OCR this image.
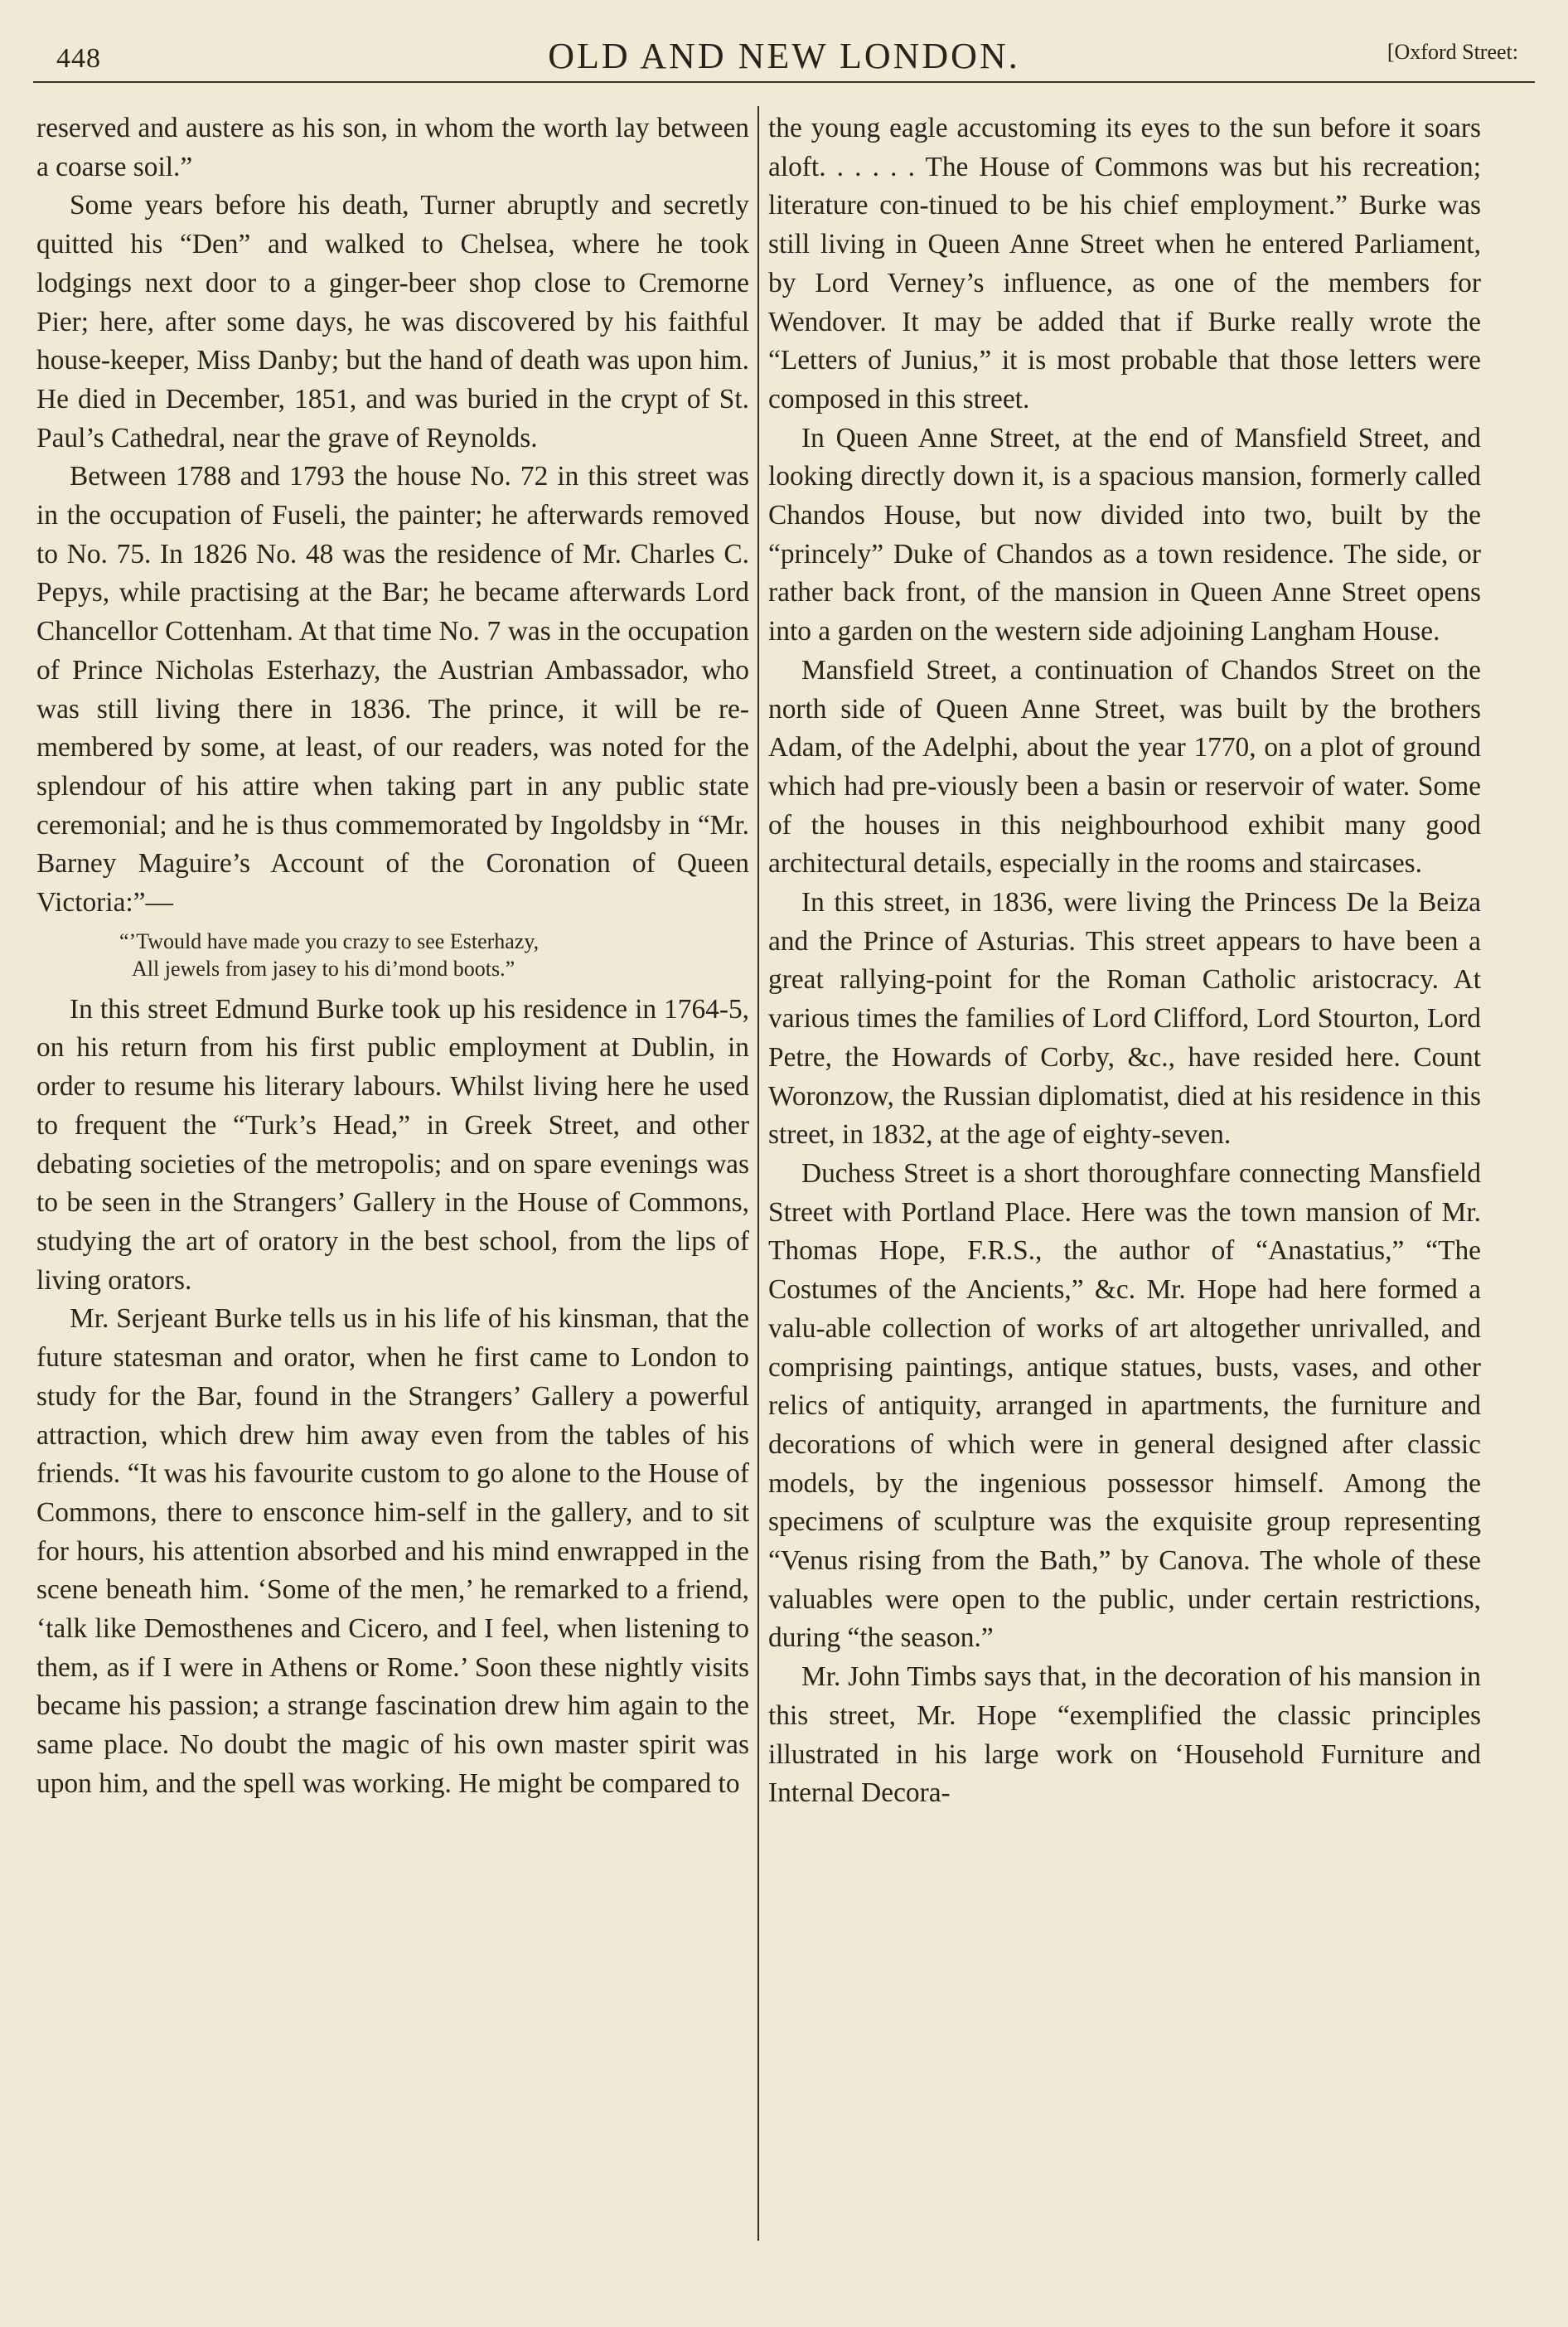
448	OLD AND NEW LONDON.	[Oxford Street:

reserved and austere as his son, in whom the worth lay between a coarse soil.”

Some years before his death, Turner abruptly and secretly quitted his “Den” and walked to Chelsea, where he took lodgings next door to a ginger-beer shop close to Cremorne Pier; here, after some days, he was discovered by his faithful house-keeper, Miss Danby; but the hand of death was upon him. He died in December, 1851, and was buried in the crypt of St. Paul’s Cathedral, near the grave of Reynolds.

Between 1788 and 1793 the house No. 72 in this street was in the occupation of Fuseli, the painter; he afterwards removed to No. 75. In 1826 No. 48 was the residence of Mr. Charles C. Pepys, while practising at the Bar; he became afterwards Lord Chancellor Cottenham. At that time No. 7 was in the occupation of Prince Nicholas Esterhazy, the Austrian Ambassador, who was still living there in 1836. The prince, it will be re-membered by some, at least, of our readers, was noted for the splendour of his attire when taking part in any public state ceremonial; and he is thus commemorated by Ingoldsby in “Mr. Barney Maguire’s Account of the Coronation of Queen Victoria:”—

“’Twould have made you crazy to see Esterhazy,
All jewels from jasey to his di’mond boots.”

In this street Edmund Burke took up his residence in 1764-5, on his return from his first public employment at Dublin, in order to resume his literary labours. Whilst living here he used to frequent the “Turk’s Head,” in Greek Street, and other debating societies of the metropolis; and on spare evenings was to be seen in the Strangers’ Gallery in the House of Commons, studying the art of oratory in the best school, from the lips of living orators.

Mr. Serjeant Burke tells us in his life of his kinsman, that the future statesman and orator, when he first came to London to study for the Bar, found in the Strangers’ Gallery a powerful attraction, which drew him away even from the tables of his friends. “It was his favourite custom to go alone to the House of Commons, there to ensconce him-self in the gallery, and to sit for hours, his attention absorbed and his mind enwrapped in the scene beneath him. ‘Some of the men,’ he remarked to a friend, ‘talk like Demosthenes and Cicero, and I feel, when listening to them, as if I were in Athens or Rome.’ Soon these nightly visits became his passion; a strange fascination drew him again to the same place. No doubt the magic of his own master spirit was upon him, and the spell was working. He might be compared to

the young eagle accustoming its eyes to the sun before it soars aloft. . . . . . The House of Commons was but his recreation; literature con-tinued to be his chief employment.” Burke was still living in Queen Anne Street when he entered Parliament, by Lord Verney’s influence, as one of the members for Wendover. It may be added that if Burke really wrote the “Letters of Junius,” it is most probable that those letters were composed in this street.

In Queen Anne Street, at the end of Mansfield Street, and looking directly down it, is a spacious mansion, formerly called Chandos House, but now divided into two, built by the “princely” Duke of Chandos as a town residence. The side, or rather back front, of the mansion in Queen Anne Street opens into a garden on the western side adjoining Langham House.

Mansfield Street, a continuation of Chandos Street on the north side of Queen Anne Street, was built by the brothers Adam, of the Adelphi, about the year 1770, on a plot of ground which had pre-viously been a basin or reservoir of water. Some of the houses in this neighbourhood exhibit many good architectural details, especially in the rooms and staircases.

In this street, in 1836, were living the Princess De la Beiza and the Prince of Asturias. This street appears to have been a great rallying-point for the Roman Catholic aristocracy. At various times the families of Lord Clifford, Lord Stourton, Lord Petre, the Howards of Corby, &c., have resided here. Count Woronzow, the Russian diplomatist, died at his residence in this street, in 1832, at the age of eighty-seven.

Duchess Street is a short thoroughfare connecting Mansfield Street with Portland Place. Here was the town mansion of Mr. Thomas Hope, F.R.S., the author of “Anastatius,” “The Costumes of the Ancients,” &c. Mr. Hope had here formed a valu-able collection of works of art altogether unrivalled, and comprising paintings, antique statues, busts, vases, and other relics of antiquity, arranged in apartments, the furniture and decorations of which were in general designed after classic models, by the ingenious possessor himself. Among the specimens of sculpture was the exquisite group representing “Venus rising from the Bath,” by Canova. The whole of these valuables were open to the public, under certain restrictions, during “the season.”

Mr. John Timbs says that, in the decoration of his mansion in this street, Mr. Hope “exemplified the classic principles illustrated in his large work on ‘Household Furniture and Internal Decora-
